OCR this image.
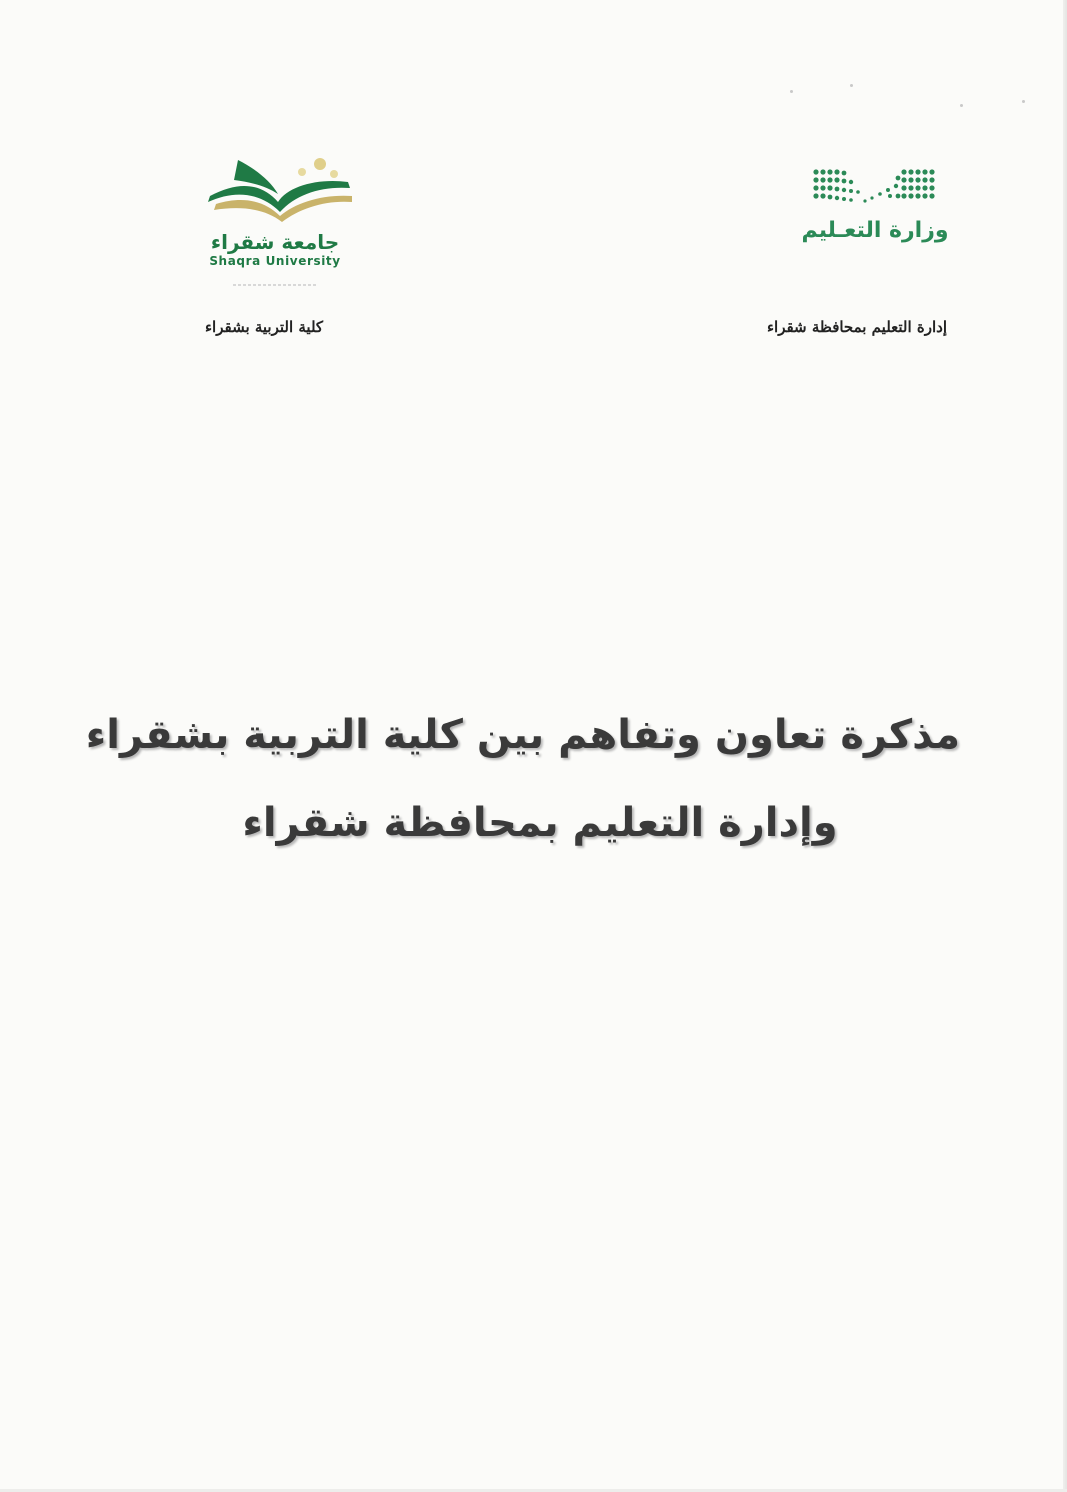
وزارة التعـليم
جامعة شقراء
Shaqra University
إدارة التعليم بمحافظة شقراء
كلية التربية بشقراء
مذكرة تعاون وتفاهم بين كلية التربية بشقراء
وإدارة التعليم بمحافظة شقراء
